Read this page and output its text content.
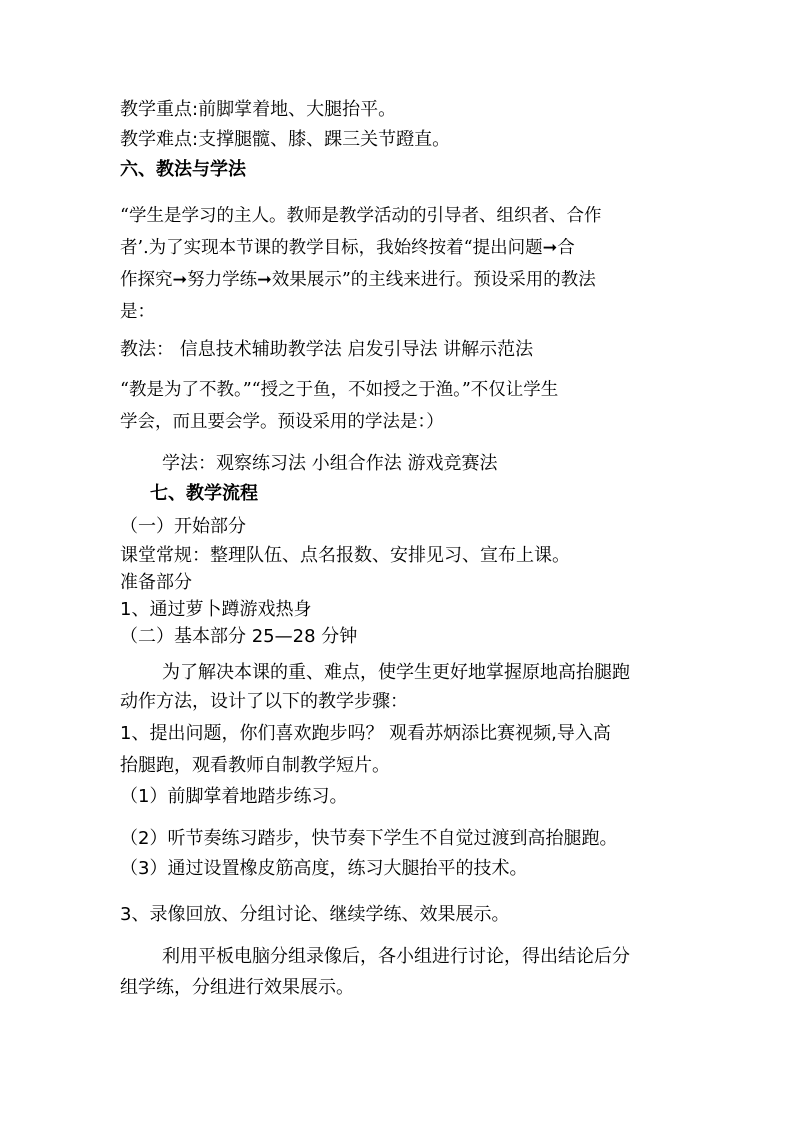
教学重点:前脚掌着地、大腿抬平。
教学难点:支撑腿髋、膝、踝三关节蹬直。
六、教法与学法
“学生是学习的主人。教师是教学活动的引导者、组织者、合作
者’.为了实现本节课的教学目标，我始终按着“提出问题➞合
作探究➞努力学练➞效果展示”的主线来进行。预设采用的教法
是：
教法： 信息技术辅助教学法 启发引导法 讲解示范法
“教是为了不教。”“授之于鱼，不如授之于渔。”不仅让学生
学会，而且要会学。预设采用的学法是：）
学法：观察练习法 小组合作法 游戏竞赛法
七、教学流程
（一）开始部分
课堂常规：整理队伍、点名报数、安排见习、宣布上课。
准备部分
1、通过萝卜蹲游戏热身
（二）基本部分 25—28 分钟
为了解决本课的重、难点，使学生更好地掌握原地高抬腿跑
动作方法，设计了以下的教学步骤：
1、提出问题，你们喜欢跑步吗？ 观看苏炳添比赛视频,导入高
抬腿跑，观看教师自制教学短片。
（1）前脚掌着地踏步练习。
（2）听节奏练习踏步，快节奏下学生不自觉过渡到高抬腿跑。
（3）通过设置橡皮筋高度，练习大腿抬平的技术。
3、录像回放、分组讨论、继续学练、效果展示。
利用平板电脑分组录像后，各小组进行讨论，得出结论后分
组学练，分组进行效果展示。
